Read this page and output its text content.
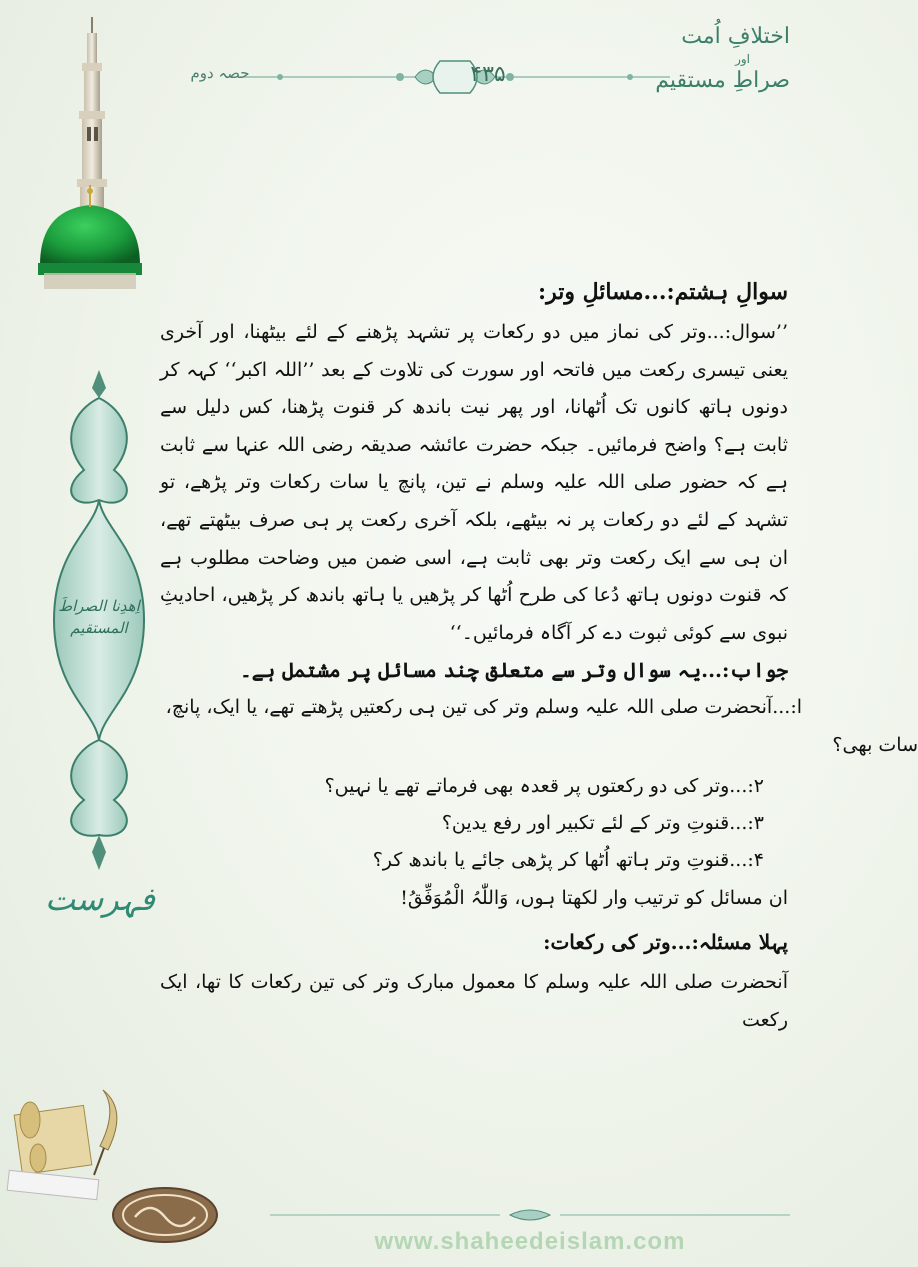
اختلافِ اُمت
اور
صراطِ مستقیم
۴۳۵
حصہ دوم
اِھدِنا الصراطَ المستقیم
فہرست

سوالِ ہشتم:...مسائلِ وتر:

’’سوال:...وتر کی نماز میں دو رکعات پر تشہد پڑھنے کے لئے بیٹھنا، اور آخری یعنی تیسری رکعت میں فاتحہ اور سورت کی تلاوت کے بعد ’’اللہ اکبر‘‘ کہہ کر دونوں ہاتھ کانوں تک اُٹھانا، اور پھر نیت باندھ کر قنوت پڑھنا، کس دلیل سے ثابت ہے؟ واضح فرمائیں۔ جبکہ حضرت عائشہ صدیقہ رضی اللہ عنہا سے ثابت ہے کہ حضور صلی اللہ علیہ وسلم نے تین، پانچ یا سات رکعات وتر پڑھے، تو تشہد کے لئے دو رکعات پر نہ بیٹھے، بلکہ آخری رکعت پر ہی صرف بیٹھتے تھے، ان ہی سے ایک رکعت وتر بھی ثابت ہے، اسی ضمن میں وضاحت مطلوب ہے کہ قنوت دونوں ہاتھ دُعا کی طرح اُٹھا کر پڑھیں یا ہاتھ باندھ کر پڑھیں، احادیثِ نبوی سے کوئی ثبوت دے کر آگاہ فرمائیں۔‘‘

جواب:...یہ سوال وتر سے متعلق چند مسائل پر مشتمل ہے۔

ا:...آنحضرت صلی اللہ علیہ وسلم وتر کی تین ہی رکعتیں پڑھتے تھے، یا ایک، پانچ،

سات بھی؟

۲:...وتر کی دو رکعتوں پر قعدہ بھی فرماتے تھے یا نہیں؟

۳:...قنوتِ وتر کے لئے تکبیر اور رفع یدین؟

۴:...قنوتِ وتر ہاتھ اُٹھا کر پڑھی جائے یا باندھ کر؟

ان مسائل کو ترتیب وار لکھتا ہوں، وَاللّٰہُ الْمُوَفِّقُ!

پہلا مسئلہ:...وتر کی رکعات:

آنحضرت صلی اللہ علیہ وسلم کا معمول مبارک وتر کی تین رکعات کا تھا، ایک رکعت

www.shaheedeislam.com
